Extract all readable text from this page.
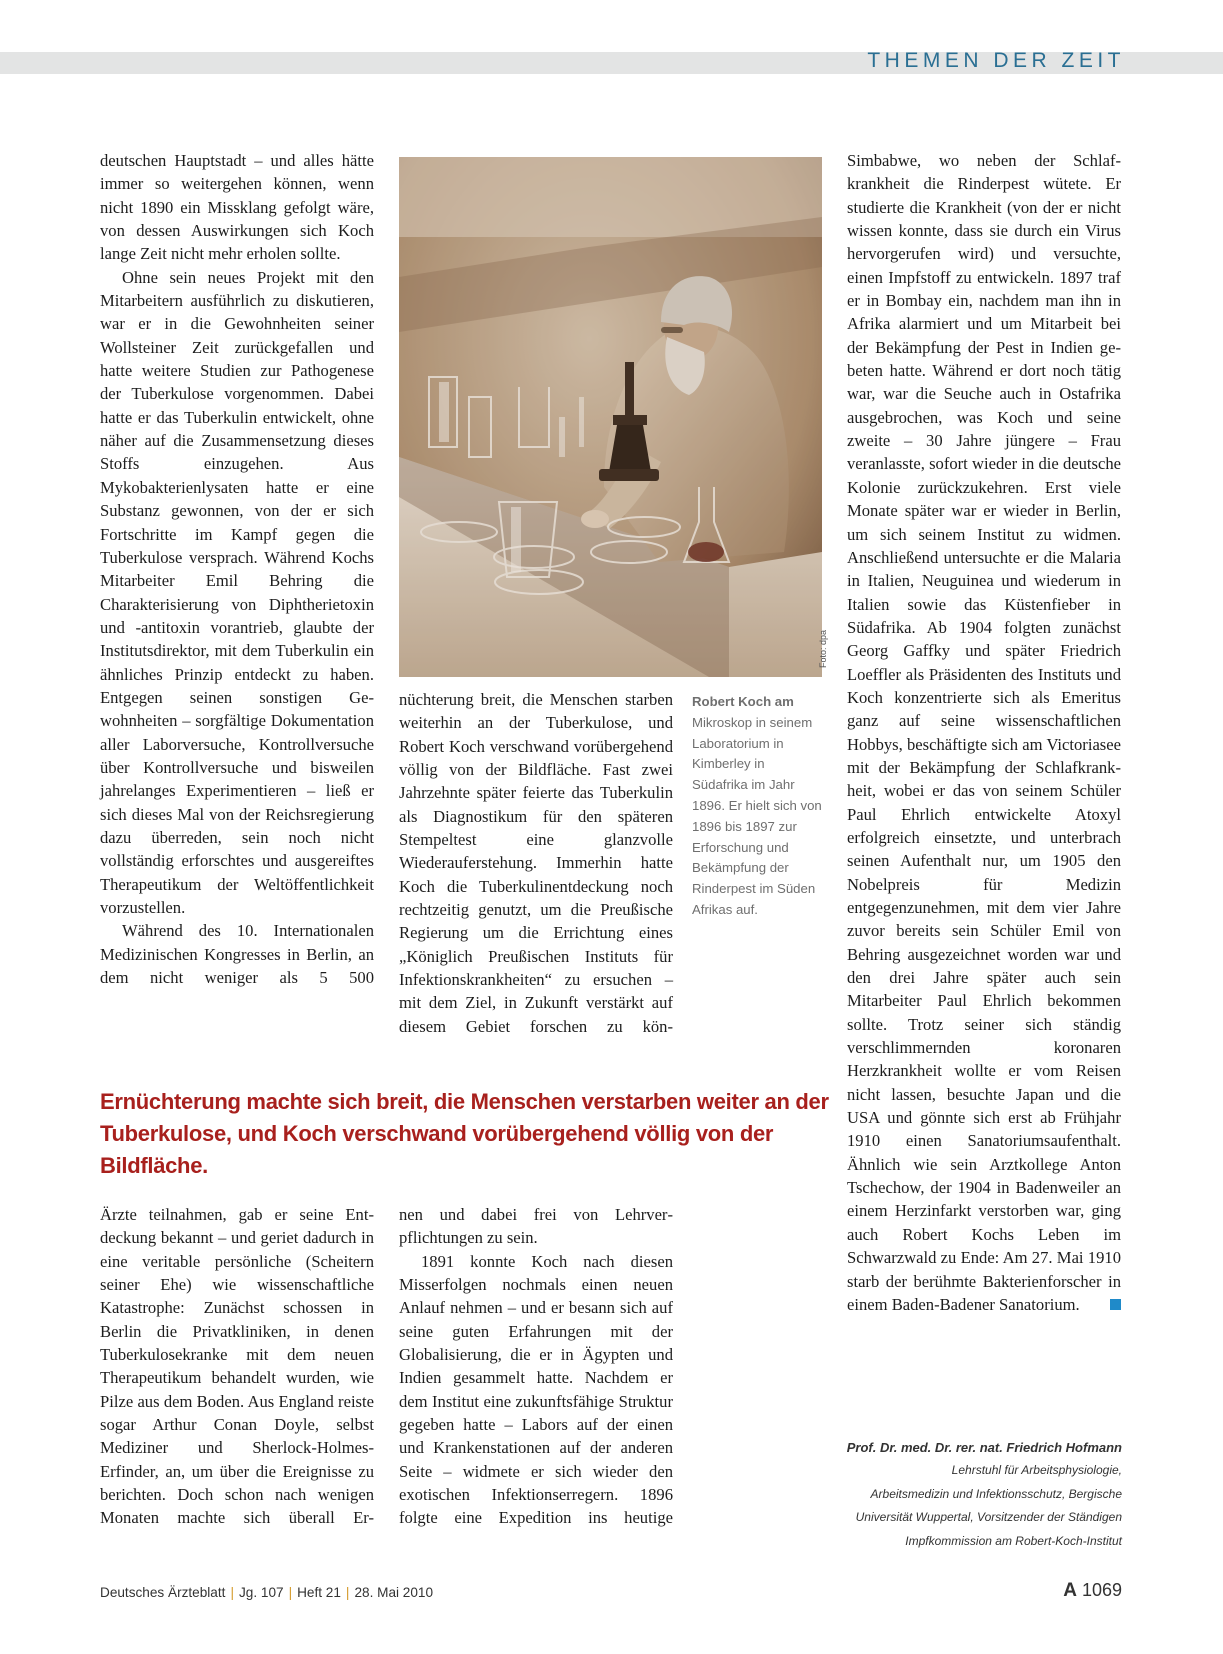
THEMEN DER ZEIT

deutschen Hauptstadt – und alles hätte immer so weitergehen können, wenn nicht 1890 ein Missklang gefolgt wäre, von dessen Auswirkungen sich Koch lange Zeit nicht mehr erholen sollte.

Ohne sein neues Projekt mit den Mitarbeitern ausführlich zu diskutieren, war er in die Gewohnheiten seiner Wollsteiner Zeit zurückgefallen und hatte weitere Studien zur Pathogenese der Tuberkulose vorgenommen. Dabei hatte er das Tuberkulin entwickelt, ohne näher auf die Zusammensetzung dieses Stoffs einzugehen. Aus Mykobakterienlysaten hatte er eine Substanz gewonnen, von der er sich Fortschritte im Kampf gegen die Tuberkulose versprach. Während Kochs Mitarbeiter Emil Behring die Charakterisierung von Diphtherietoxin und -antitoxin vorantrieb, glaubte der Institutsdirektor, mit dem Tuberkulin ein ähnliches Prinzip entdeckt zu haben. Entgegen seinen sonstigen Gewohnheiten – sorgfältige Dokumentation aller Laborversuche, Kontrollversuche über Kontrollversuche und bisweilen jahrelanges Experimentieren – ließ er sich dieses Mal von der Reichsregierung dazu überreden, sein noch nicht vollständig erforschtes und ausgereiftes Therapeutikum der Weltöffentlichkeit vorzustellen.

Während des 10. Internationalen Medizinischen Kongresses in Berlin, an dem nicht weniger als 5 500

Foto: dpa
Robert Koch am
Mikroskop in seinem Laboratorium in Kimberley in Südafrika im Jahr 1896. Er hielt sich von 1896 bis 1897 zur Erforschung und Bekämpfung der Rinderpest im Süden Afrikas auf.

nüchterung breit, die Menschen starben weiterhin an der Tuberkulose, und Robert Koch verschwand vorübergehend völlig von der Bildfläche. Fast zwei Jahrzehnte später feierte das Tuberkulin als Diagnostikum für den späteren Stempeltest eine glanzvolle Wiederauferstehung. Immerhin hatte Koch die Tuberkulinentdeckung noch rechtzeitig genutzt, um die Preußische Regierung um die Errichtung eines „Königlich Preußischen Instituts für Infektionskrankheiten“ zu ersuchen – mit dem Ziel, in Zukunft verstärkt auf diesem Gebiet forschen zu kön-

Simbabwe, wo neben der Schlafkrankheit die Rinderpest wütete. Er studierte die Krankheit (von der er nicht wissen konnte, dass sie durch ein Virus hervorgerufen wird) und versuchte, einen Impfstoff zu entwickeln. 1897 traf er in Bombay ein, nachdem man ihn in Afrika alarmiert und um Mitarbeit bei der Bekämpfung der Pest in Indien gebeten hatte. Während er dort noch tätig war, war die Seuche auch in Ostafrika ausgebrochen, was Koch und seine zweite – 30 Jahre jüngere – Frau veranlasste, sofort wieder in die deutsche Kolonie zurückzukehren. Erst viele Monate später war er wieder in Berlin, um sich seinem Institut zu widmen. Anschließend untersuchte er die Malaria in Italien, Neuguinea und wiederum in Italien sowie das Küstenfieber in Südafrika. Ab 1904 folgten zunächst Georg Gaffky und später Friedrich Loeffler als Präsidenten des Instituts und Koch konzentrierte sich als Emeritus ganz auf seine wissenschaftlichen Hobbys, beschäftigte sich am Victoriasee mit der Bekämpfung der Schlafkrankheit, wobei er das von seinem Schüler Paul Ehrlich entwickelte Atoxyl erfolgreich einsetzte, und unterbrach seinen Aufenthalt nur, um 1905 den Nobelpreis für Medizin entgegenzunehmen, mit dem vier Jahre zuvor bereits sein Schüler Emil von Behring ausgezeichnet worden war und den drei Jahre später auch sein Mitarbeiter Paul Ehrlich bekommen sollte. Trotz seiner sich ständig verschlimmernden koronaren Herzkrankheit wollte er vom Reisen nicht lassen, besuchte Japan und die USA und gönnte sich erst ab Frühjahr 1910 einen Sanatoriumsaufenthalt. Ähnlich wie sein Arztkollege Anton Tschechow, der 1904 in Badenweiler an einem Herzinfarkt verstorben war, ging auch Robert Kochs Leben im Schwarzwald zu Ende: Am 27. Mai 1910 starb der berühmte Bakterienforscher in einem Baden-Badener Sanatorium.

Ernüchterung machte sich breit, die Menschen verstarben weiter an der Tuberkulose, und Koch verschwand vorübergehend völlig von der Bildfläche.

Ärzte teilnahmen, gab er seine Entdeckung bekannt – und geriet dadurch in eine veritable persönliche (Scheitern seiner Ehe) wie wissenschaftliche Katastrophe: Zunächst schossen in Berlin die Privatkliniken, in denen Tuberkulosekranke mit dem neuen Therapeutikum behandelt wurden, wie Pilze aus dem Boden. Aus England reiste sogar Arthur Conan Doyle, selbst Mediziner und Sherlock-Holmes-Erfinder, an, um über die Ereignisse zu berichten. Doch schon nach wenigen Monaten machte sich überall Er-

nen und dabei frei von Lehrverpflichtungen zu sein.

1891 konnte Koch nach diesen Misserfolgen nochmals einen neuen Anlauf nehmen – und er besann sich auf seine guten Erfahrungen mit der Globalisierung, die er in Ägypten und Indien gesammelt hatte. Nachdem er dem Institut eine zukunftsfähige Struktur gegeben hatte – Labors auf der einen und Krankenstationen auf der anderen Seite – widmete er sich wieder den exotischen Infektionserregern. 1896 folgte eine Expedition ins heutige

Prof. Dr. med. Dr. rer. nat. Friedrich Hofmann
Lehrstuhl für Arbeitsphysiologie,
Arbeitsmedizin und Infektionsschutz, Bergische
Universität Wuppertal, Vorsitzender der Ständigen
Impfkommission am Robert-Koch-Institut
Deutsches Ärzteblatt | Jg. 107 | Heft 21 | 28. Mai 2010	A 1069
